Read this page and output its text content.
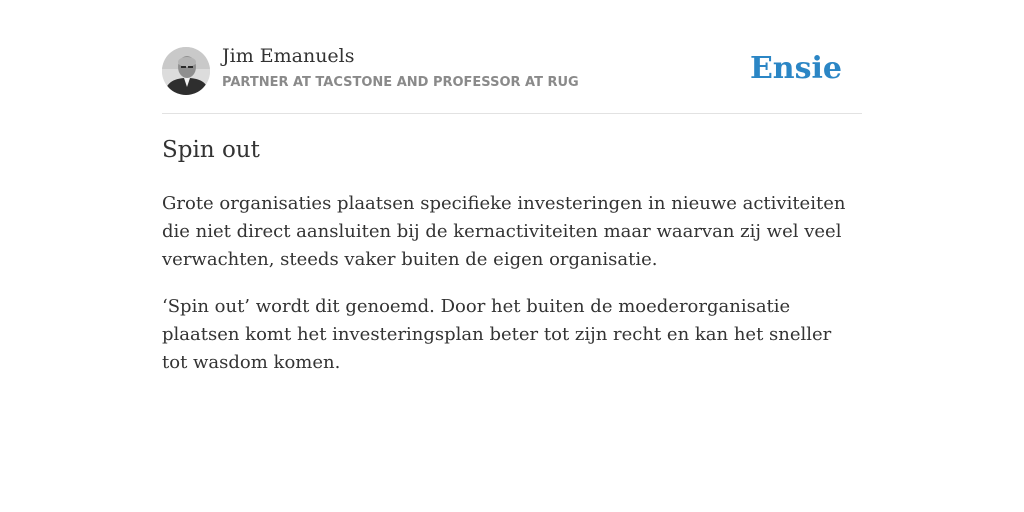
Jim Emanuels
PARTNER AT TACSTONE AND PROFESSOR AT RUG	Ensie
Spin out

Grote organisaties plaatsen specifieke investeringen in nieuwe activiteiten die niet direct aansluiten bij de kernactiviteiten maar waarvan zij wel veel verwachten, steeds vaker buiten de eigen organisatie.

‘Spin out’ wordt dit genoemd. Door het buiten de moederorganisatie plaatsen komt het investeringsplan beter tot zijn recht en kan het sneller tot wasdom komen.
